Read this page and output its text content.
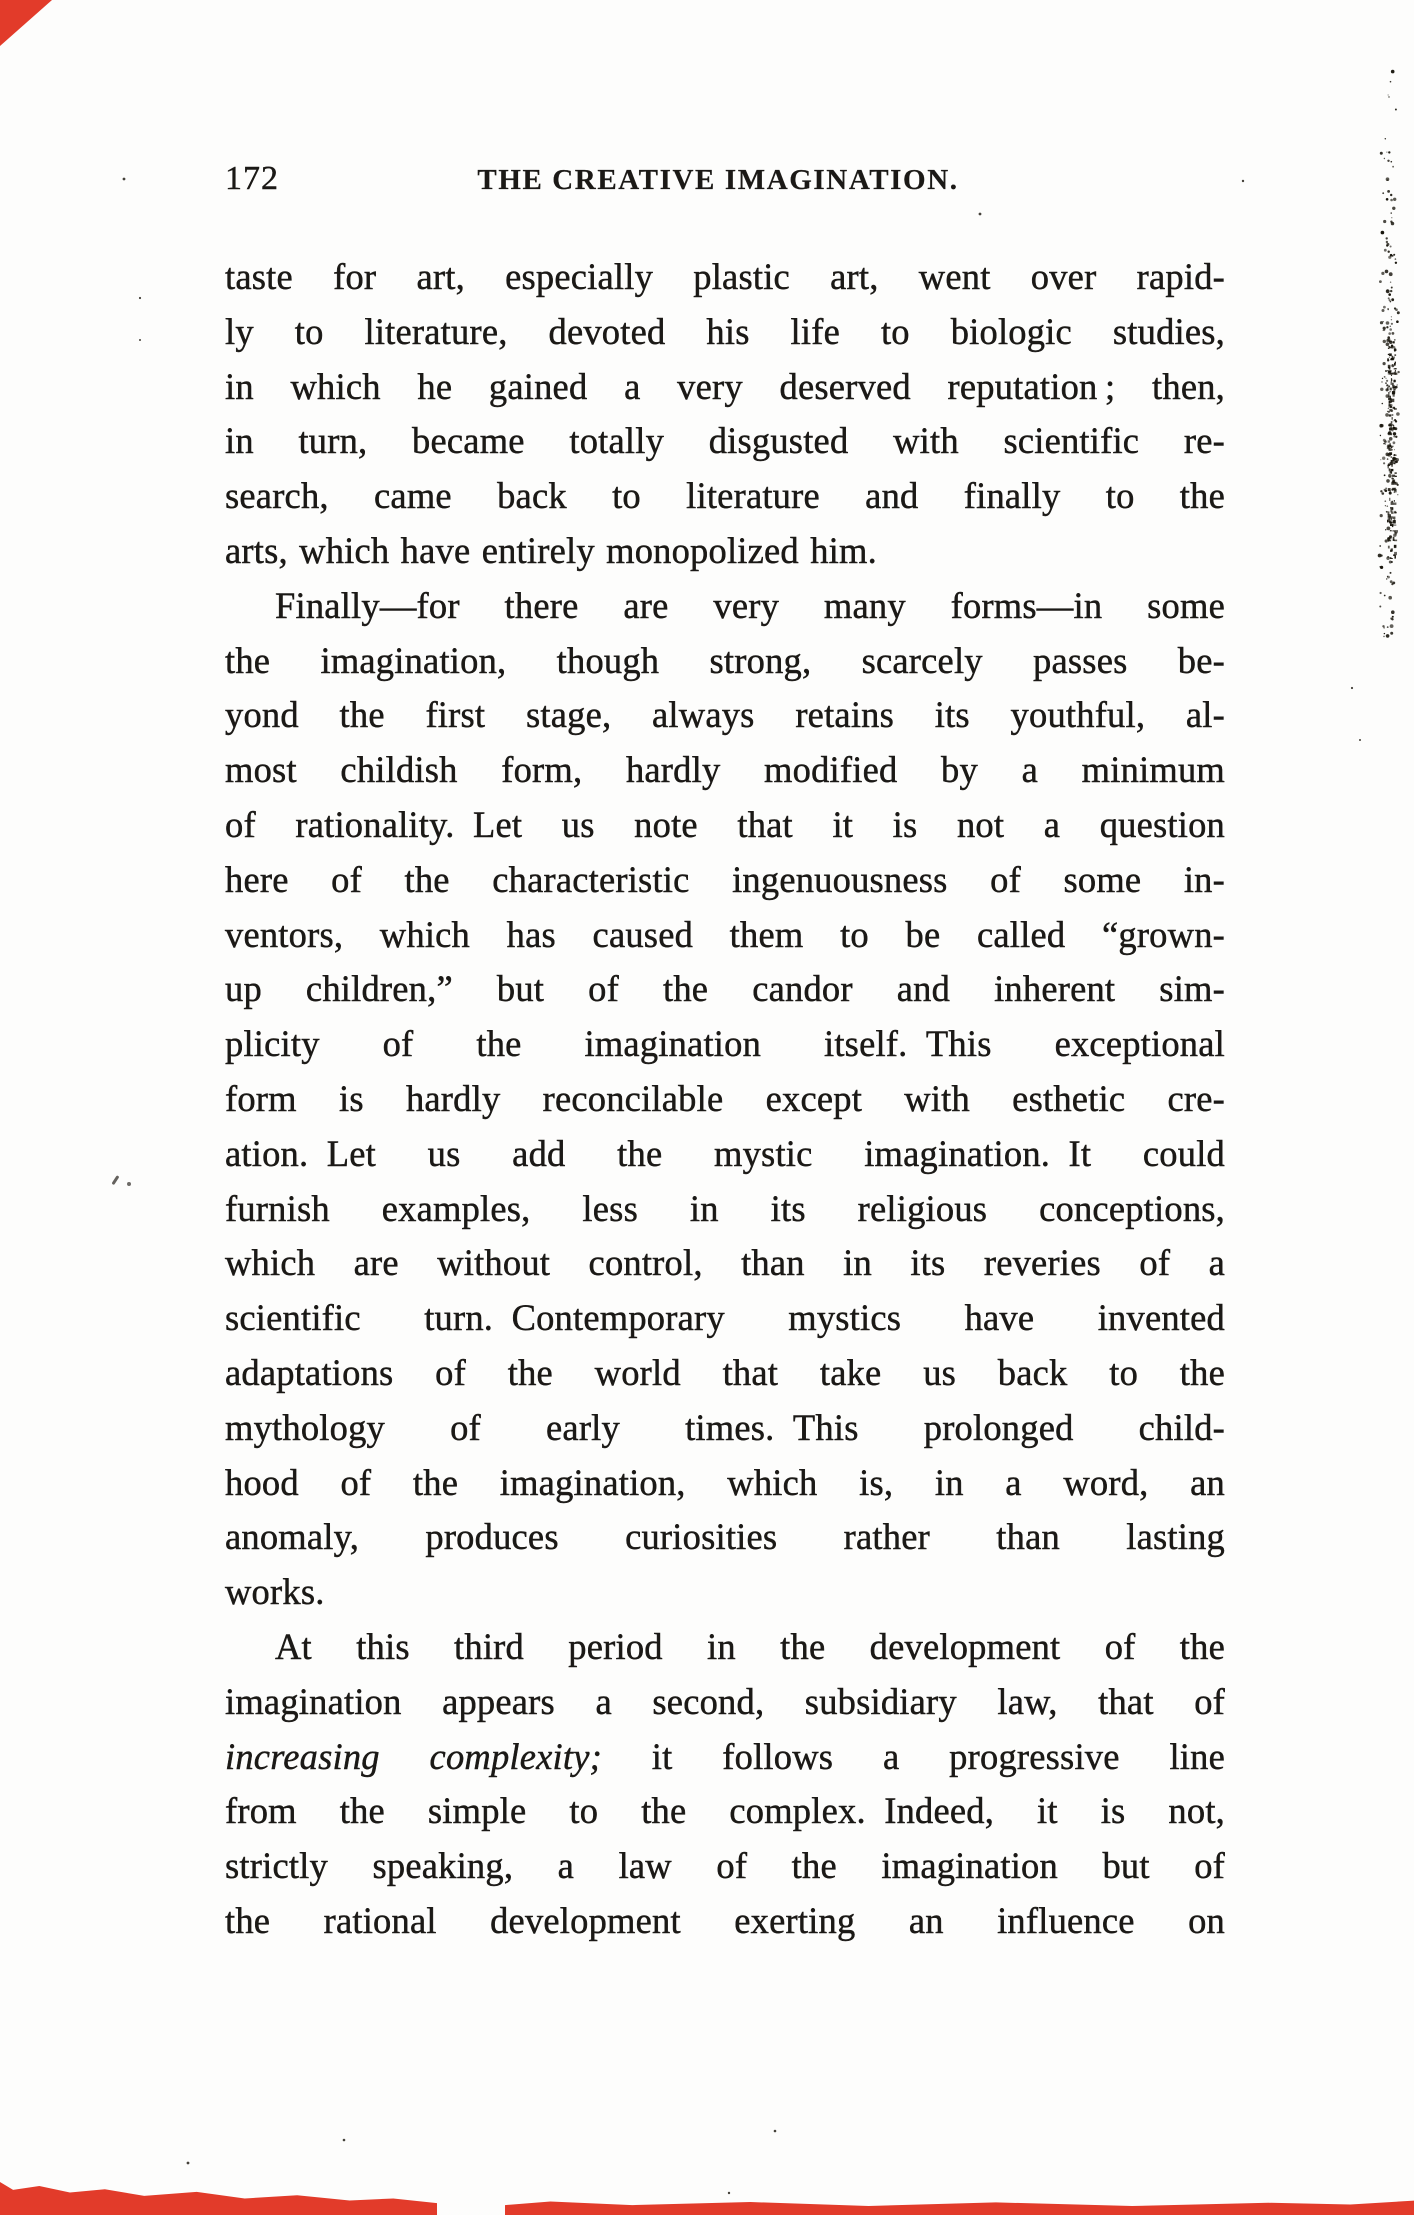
172	THE CREATIVE IMAGINATION.
taste for art, especially plastic art, went over rapid-
ly to literature, devoted his life to biologic studies,
in which he gained a very deserved reputation ; then,
in turn, became totally disgusted with scientific re-
search, came back to literature and finally to the
arts, which have entirely monopolized him.
Finally—for there are very many forms—in some
the imagination, though strong, scarcely passes be-
yond the first stage, always retains its youthful, al-
most childish form, hardly modified by a minimum
of rationality. Let us note that it is not a question
here of the characteristic ingenuousness of some in-
ventors, which has caused them to be called “grown-
up children,” but of the candor and inherent sim-
plicity of the imagination itself. This exceptional
form is hardly reconcilable except with esthetic cre-
ation. Let us add the mystic imagination. It could
furnish examples, less in its religious conceptions,
which are without control, than in its reveries of a
scientific turn. Contemporary mystics have invented
adaptations of the world that take us back to the
mythology of early times. This prolonged child-
hood of the imagination, which is, in a word, an
anomaly, produces curiosities rather than lasting
works.
At this third period in the development of the
imagination appears a second, subsidiary law, that of
increasing complexity; it follows a progressive line
from the simple to the complex. Indeed, it is not,
strictly speaking, a law of the imagination but of
the rational development exerting an influence on
